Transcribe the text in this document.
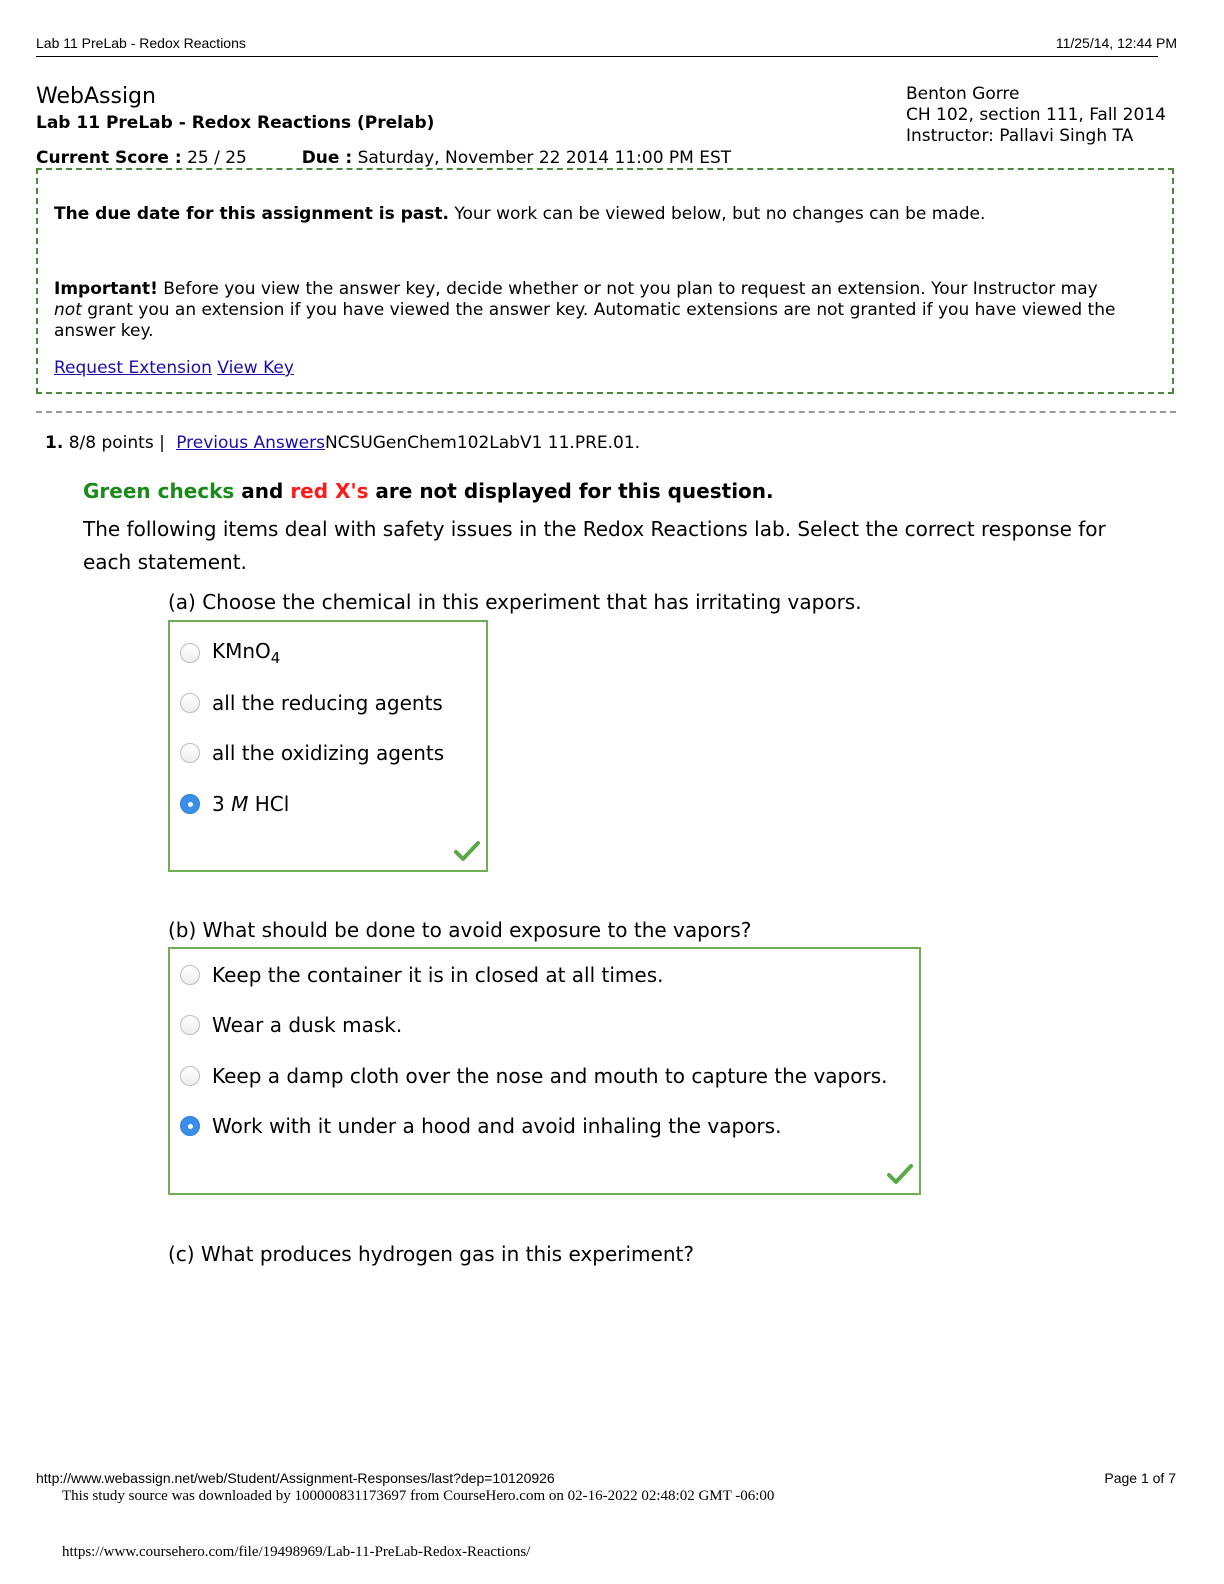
Lab 11 PreLab - Redox Reactions	11/25/14, 12:44 PM
WebAssign
Lab 11 PreLab - Redox Reactions (Prelab)
Benton Gorre
CH 102, section 111, Fall 2014
Instructor: Pallavi Singh TA
Current Score : 25 / 25	Due : Saturday, November 22 2014 11:00 PM EST
The due date for this assignment is past. Your work can be viewed below, but no changes can be made.
Important! Before you view the answer key, decide whether or not you plan to request an extension. Your Instructor may
not grant you an extension if you have viewed the answer key. Automatic extensions are not granted if you have viewed the
answer key.
Request Extension View Key
1. 8/8 points | Previous AnswersNCSUGenChem102LabV1 11.PRE.01.
Green checks and red X's are not displayed for this question.
The following items deal with safety issues in the Redox Reactions lab. Select the correct response for
each statement.
(a) Choose the chemical in this experiment that has irritating vapors.
KMnO$_4$
all the reducing agents
all the oxidizing agents
3 M HCl
(b) What should be done to avoid exposure to the vapors?
Keep the container it is in closed at all times.
Wear a dusk mask.
Keep a damp cloth over the nose and mouth to capture the vapors.
Work with it under a hood and avoid inhaling the vapors.
(c) What produces hydrogen gas in this experiment?
http://www.webassign.net/web/Student/Assignment-Responses/last?dep=10120926	Page 1 of 7
This study source was downloaded by 100000831173697 from CourseHero.com on 02-16-2022 02:48:02 GMT -06:00
https://www.coursehero.com/file/19498969/Lab-11-PreLab-Redox-Reactions/
